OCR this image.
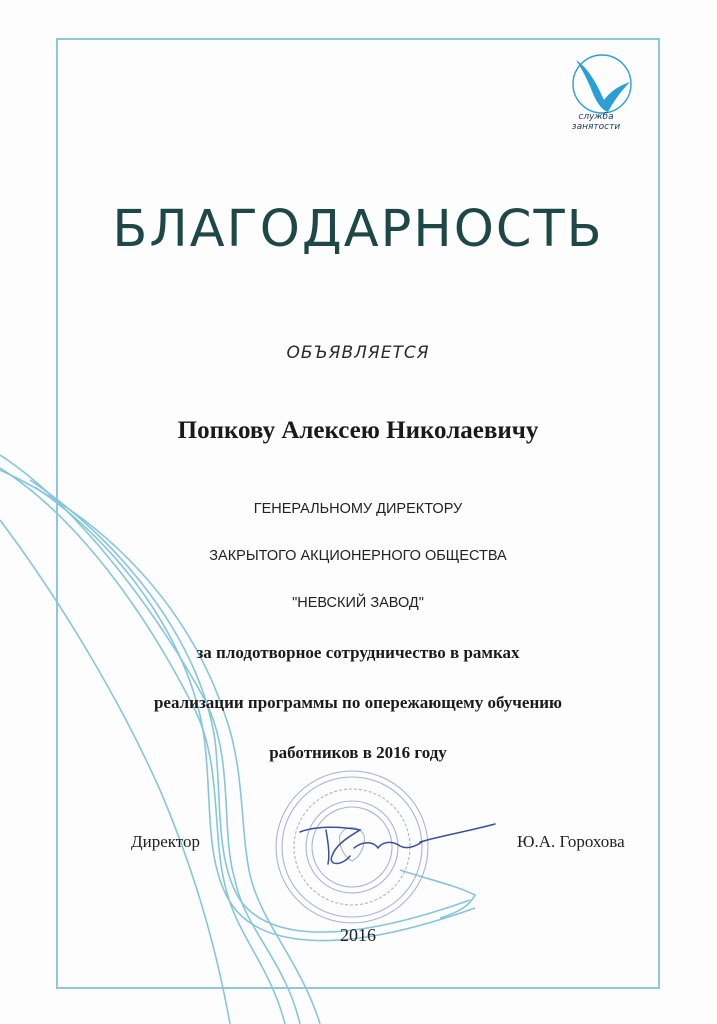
служба
занятости
БЛАГОДАРНОСТЬ
ОБЪЯВЛЯЕТСЯ
Попкову Алексею Николаевичу
ГЕНЕРАЛЬНОМУ ДИРЕКТОРУ
ЗАКРЫТОГО АКЦИОНЕРНОГО ОБЩЕСТВА
"НЕВСКИЙ ЗАВОД"
за плодотворное сотрудничество в рамках
реализации программы по опережающему обучению
работников в 2016 году
Директор	Ю.А. Горохова
2016
